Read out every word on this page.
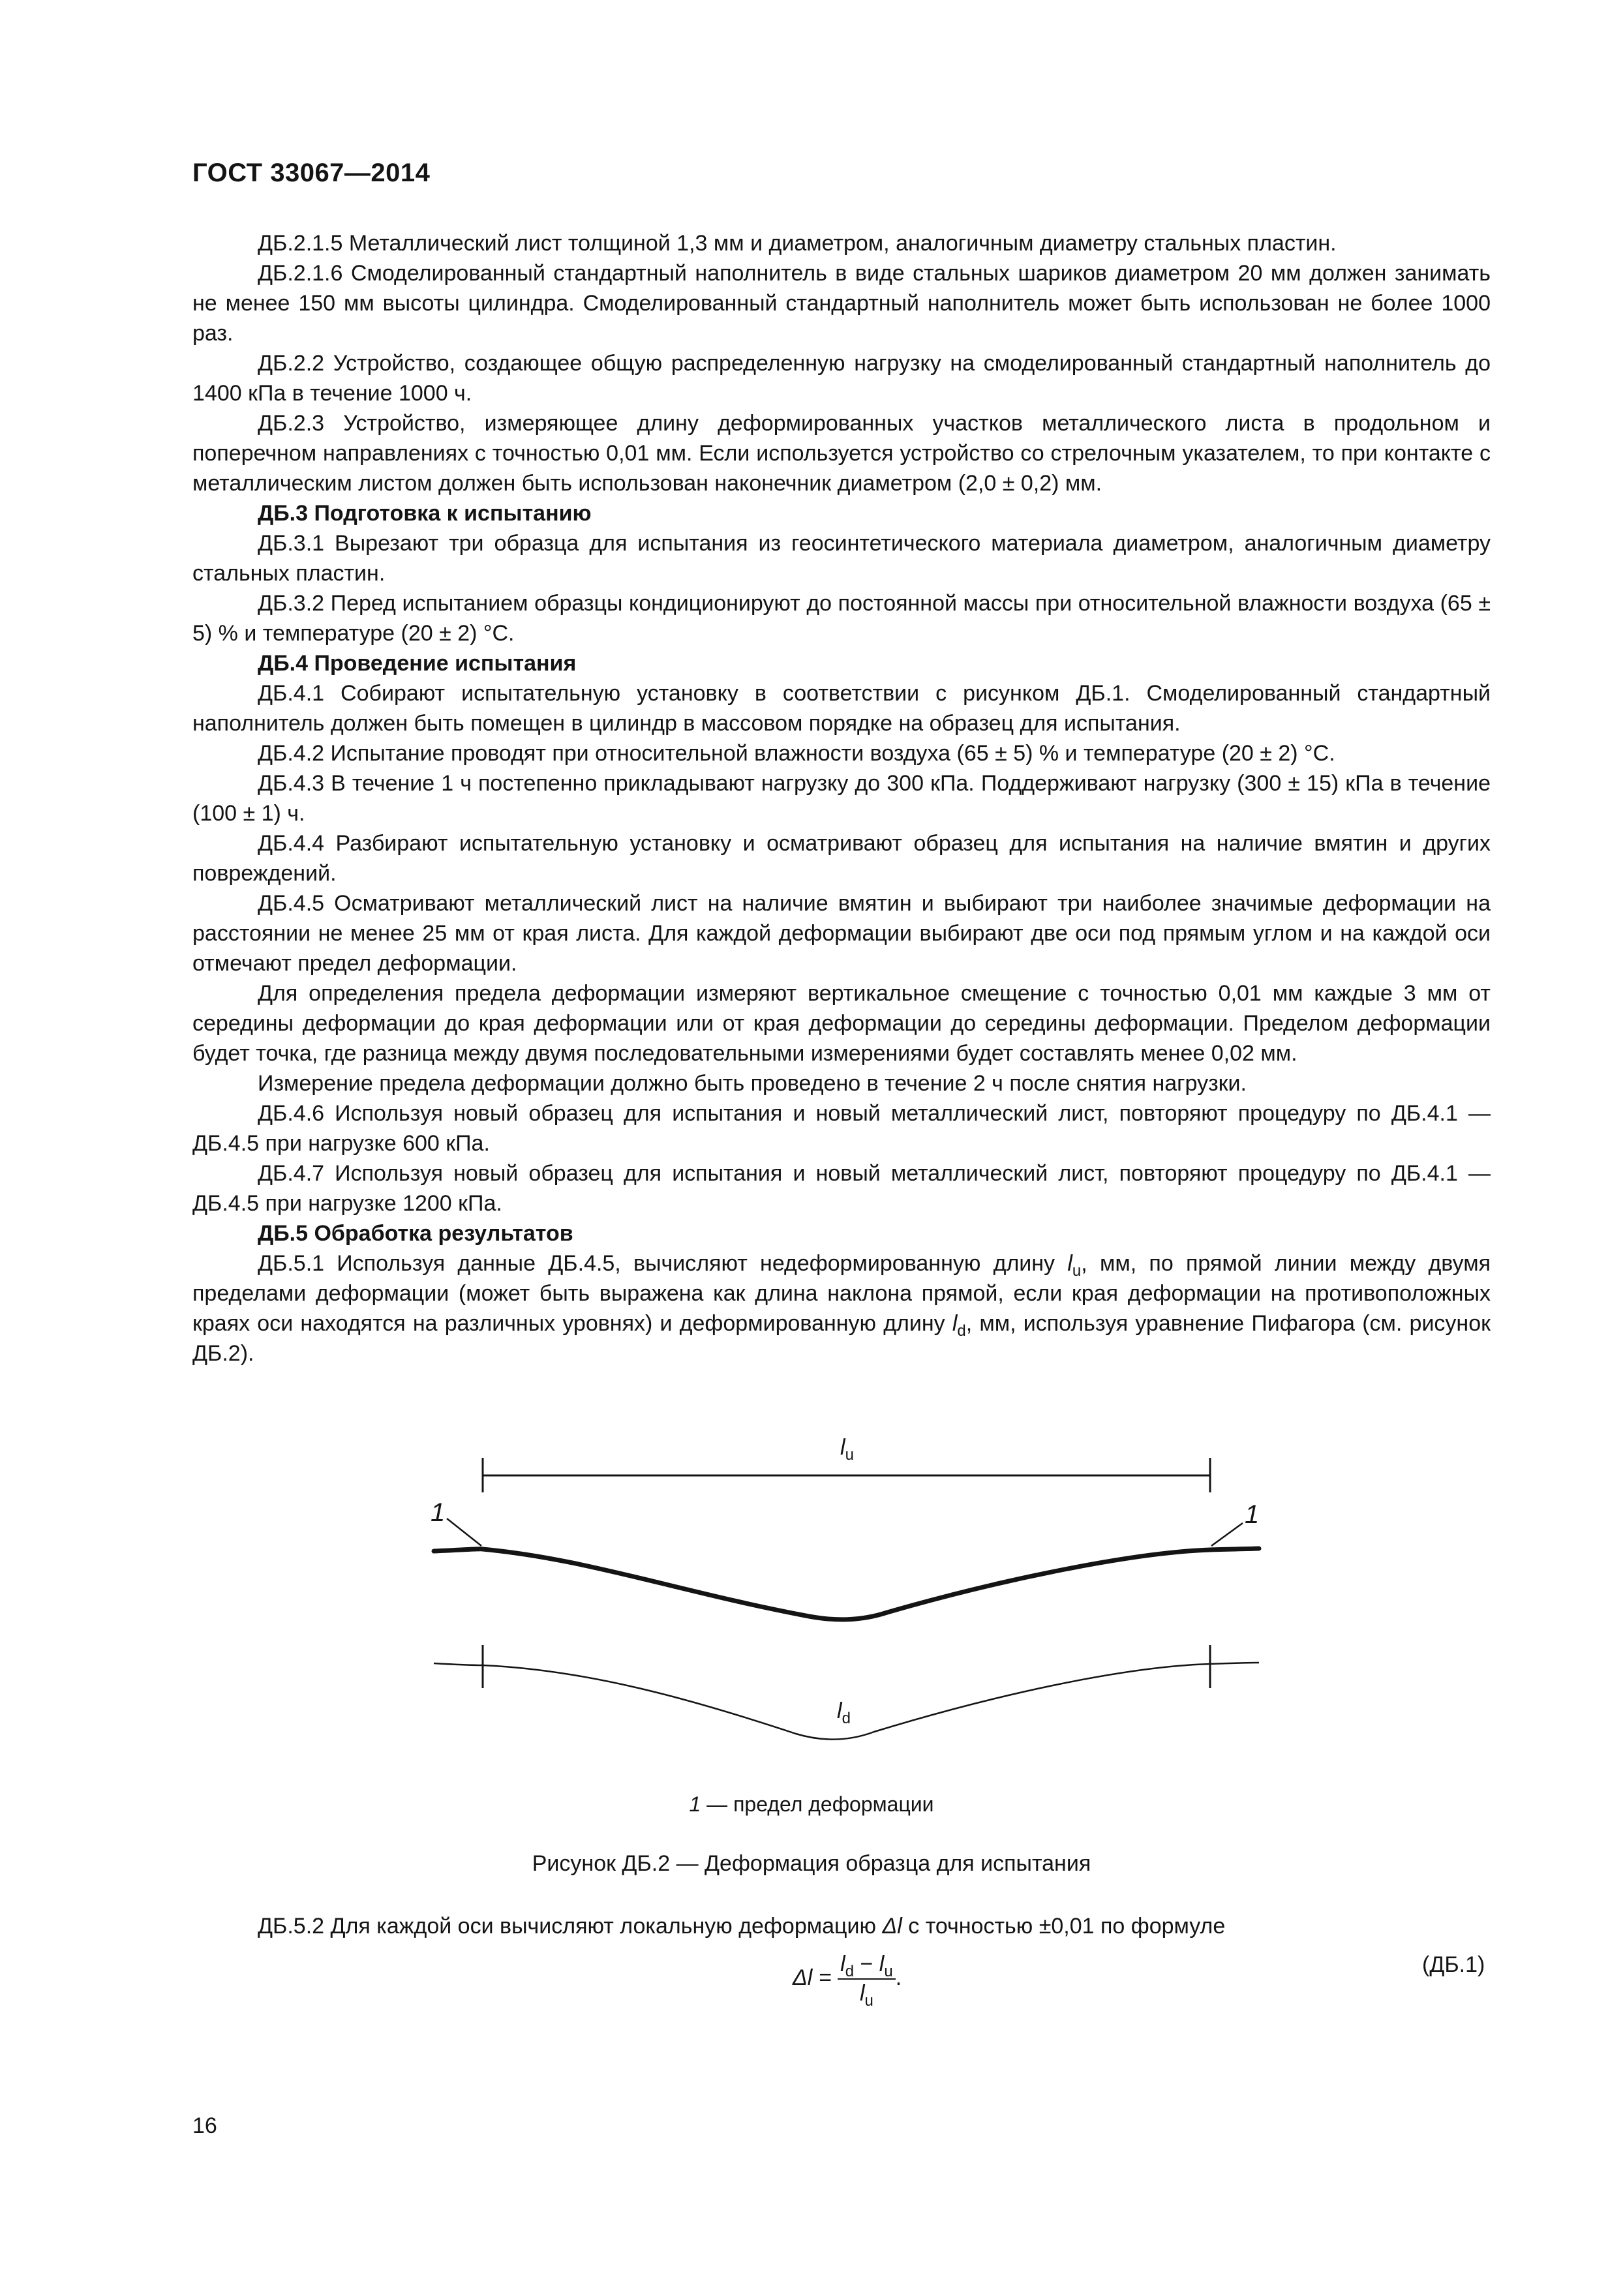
ГОСТ 33067—2014

ДБ.2.1.5 Металлический лист толщиной 1,3 мм и диаметром, аналогичным диаметру стальных пластин.

ДБ.2.1.6 Смоделированный стандартный наполнитель в виде стальных шариков диаметром 20 мм должен занимать не менее 150 мм высоты цилиндра. Смоделированный стандартный наполнитель может быть использован не более 1000 раз.

ДБ.2.2 Устройство, создающее общую распределенную нагрузку на смоделированный стандартный наполнитель до 1400 кПа в течение 1000 ч.

ДБ.2.3 Устройство, измеряющее длину деформированных участков металлического листа в продольном и поперечном направлениях с точностью 0,01 мм. Если используется устройство со стрелочным указателем, то при контакте с металлическим листом должен быть использован наконечник диаметром (2,0 ± 0,2) мм.

ДБ.3 Подготовка к испытанию

ДБ.3.1 Вырезают три образца для испытания из геосинтетического материала диаметром, аналогичным диаметру стальных пластин.

ДБ.3.2 Перед испытанием образцы кондиционируют до постоянной массы при относительной влажности воздуха (65 ± 5) % и температуре (20 ± 2) °С.

ДБ.4 Проведение испытания

ДБ.4.1 Собирают испытательную установку в соответствии с рисунком ДБ.1. Смоделированный стандартный наполнитель должен быть помещен в цилиндр в массовом порядке на образец для испытания.

ДБ.4.2 Испытание проводят при относительной влажности воздуха (65 ± 5) % и температуре (20 ± 2) °С.

ДБ.4.3 В течение 1 ч постепенно прикладывают нагрузку до 300 кПа. Поддерживают нагрузку (300 ± 15) кПа в течение (100 ± 1) ч.

ДБ.4.4 Разбирают испытательную установку и осматривают образец для испытания на наличие вмятин и других повреждений.

ДБ.4.5 Осматривают металлический лист на наличие вмятин и выбирают три наиболее значимые деформации на расстоянии не менее 25 мм от края листа. Для каждой деформации выбирают две оси под прямым углом и на каждой оси отмечают предел деформации.

Для определения предела деформации измеряют вертикальное смещение с точностью 0,01 мм каждые 3 мм от середины деформации до края деформации или от края деформации до середины деформации. Пределом деформации будет точка, где разница между двумя последовательными измерениями будет составлять менее 0,02 мм.

Измерение предела деформации должно быть проведено в течение 2 ч после снятия нагрузки.

ДБ.4.6 Используя новый образец для испытания и новый металлический лист, повторяют процедуру по ДБ.4.1 — ДБ.4.5 при нагрузке 600 кПа.

ДБ.4.7 Используя новый образец для испытания и новый металлический лист, повторяют процедуру по ДБ.4.1 — ДБ.4.5 при нагрузке 1200 кПа.

ДБ.5 Обработка результатов

ДБ.5.1 Используя данные ДБ.4.5, вычисляют недеформированную длину $l_u$, мм, по прямой линии между двумя пределами деформации (может быть выражена как длина наклона прямой, если края деформации на противоположных краях оси находятся на различных уровнях) и деформированную длину $l_d$, мм, используя уравнение Пифагора (см. рисунок ДБ.2).

$l_u$
1	1
$l_d$
1 — предел деформации
Рисунок ДБ.2 — Деформация образца для испытания
ДБ.5.2 Для каждой оси вычисляют локальную деформацию Δl с точностью ±0,01 по формуле
$\Delta l = \frac{l_d - l_u}{l_u}$ .
(ДБ.1)
16
